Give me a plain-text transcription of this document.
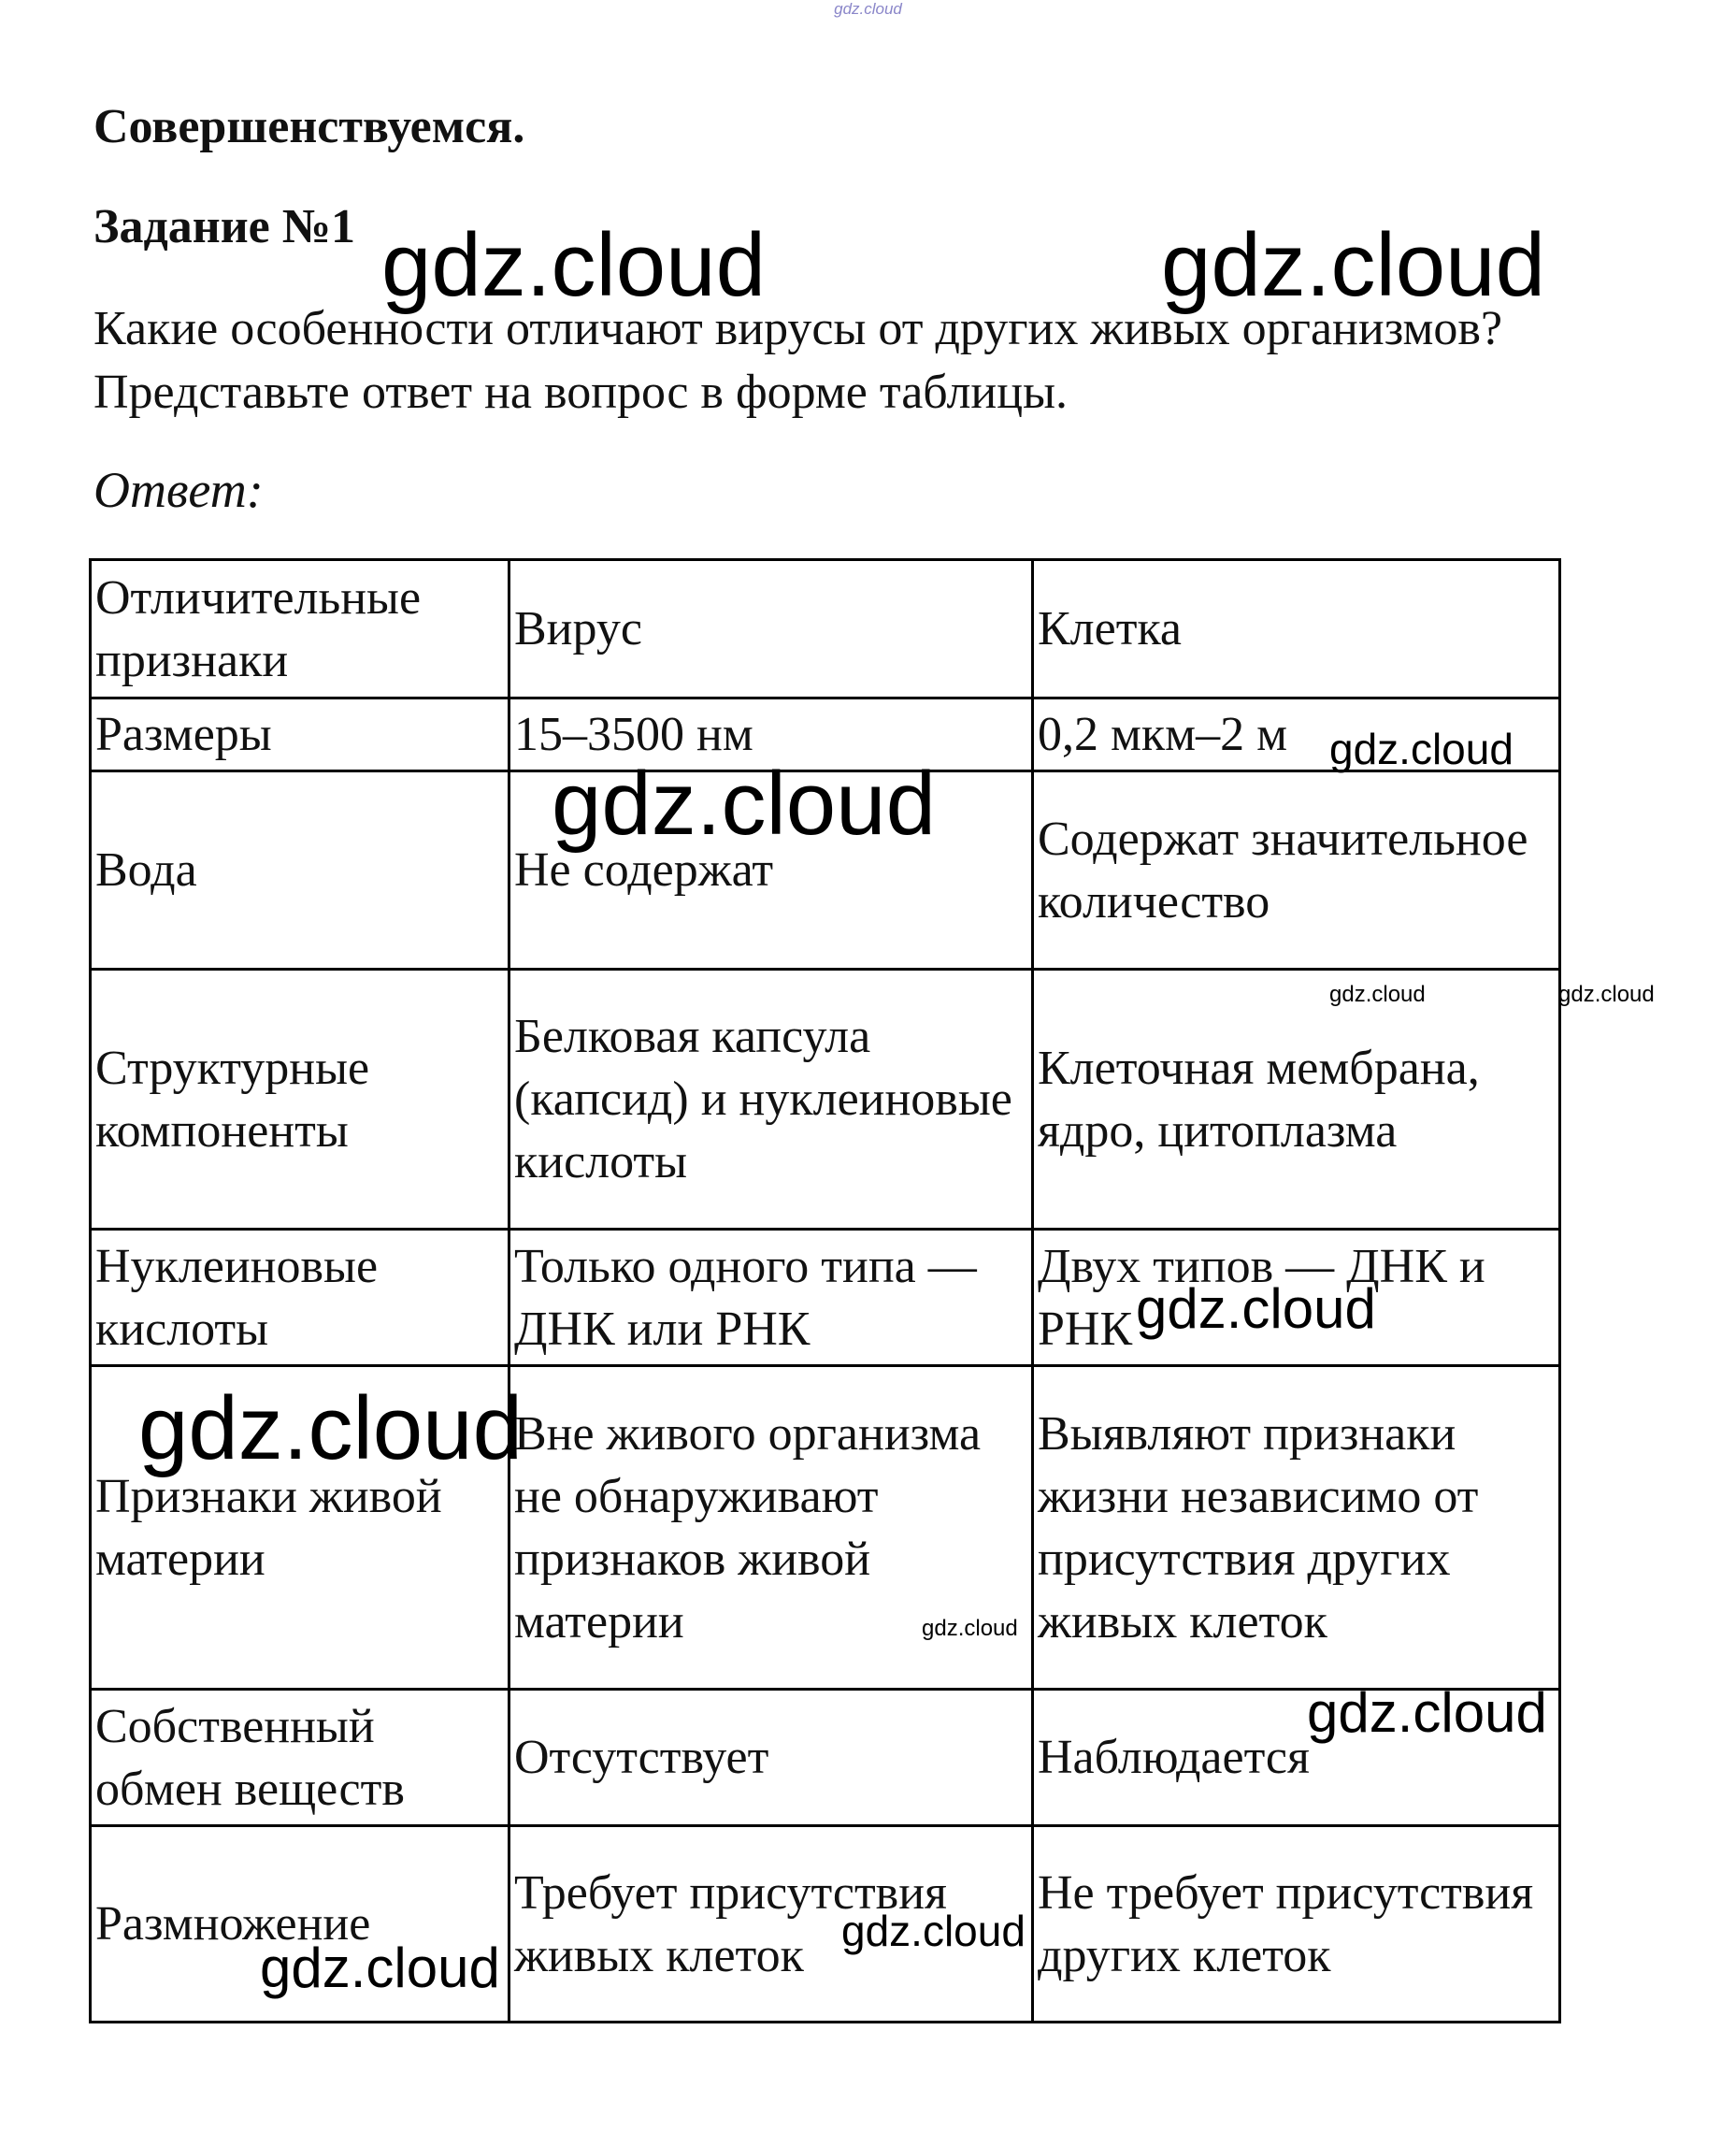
gdz.cloud
Совершенствуемся.
Задание №1
Какие особенности отличают вирусы от других живых организмов?
Представьте ответ на вопрос в форме таблицы.
Ответ:
Отличительные признаки	Вирус	Клетка
Размеры	15–3500 нм	0,2 мкм–2 м
Вода	Не содержат	Содержат значительное количество
Структурные компоненты	Белковая капсула (капсид) и нуклеиновые кислоты	Клеточная мембрана, ядро, цитоплазма
Нуклеиновые кислоты	Только одного типа — ДНК или РНК	Двух типов — ДНК и РНК
Признаки живой материи	Вне живого организма не обнаруживают признаков живой материи	Выявляют признаки жизни независимо от присутствия других живых клеток
Собственный обмен веществ	Отсутствует	Наблюдается
Размножение	Требует присутствия живых клеток	Не требует присутствия других клеток
gdz.cloud	gdz.cloud
gdz.cloud
gdz.cloud
gdz.cloud	gdz.cloud
gdz.cloud
gdz.cloud
gdz.cloud
gdz.cloud
gdz.cloud
gdz.cloud
